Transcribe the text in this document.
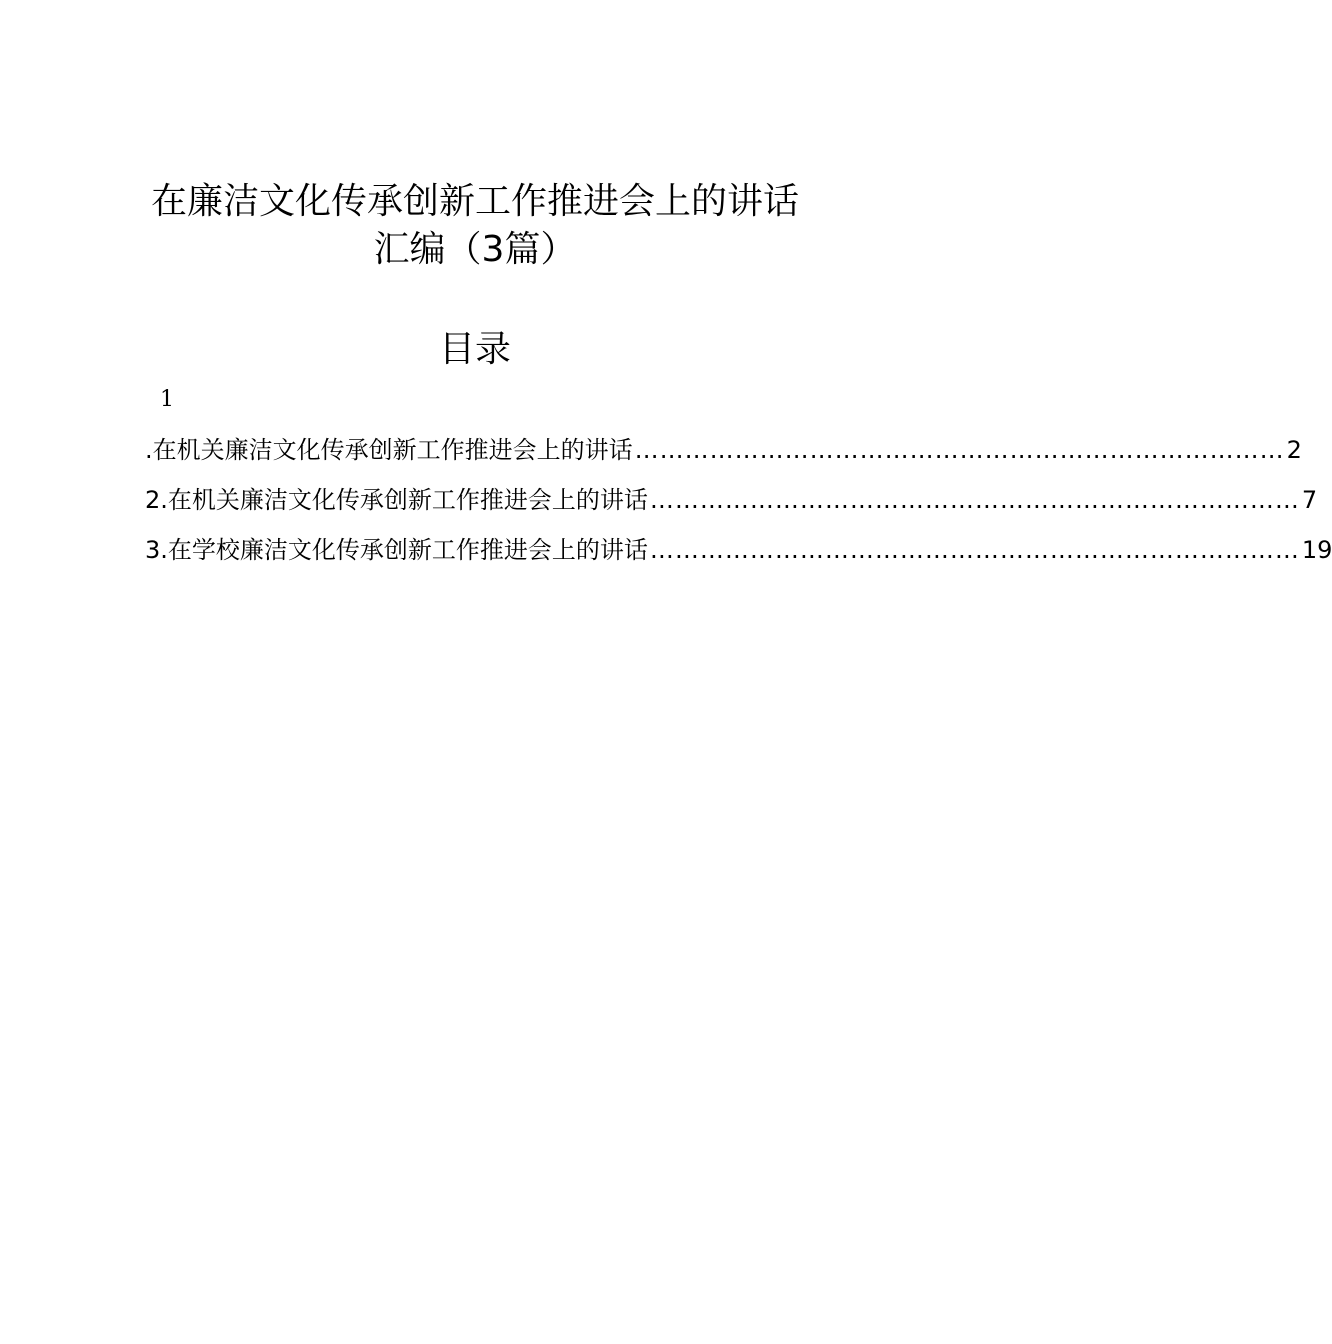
在廉洁文化传承创新工作推进会上的讲话
汇编（3篇）
目录
1
.在机关廉洁文化传承创新工作推进会上的讲话 …………………………………………………………………… 2
2.在机关廉洁文化传承创新工作推进会上的讲话 …………………………………………………………………… 7
3.在学校廉洁文化传承创新工作推进会上的讲话 …………………………………………………………………… 19
